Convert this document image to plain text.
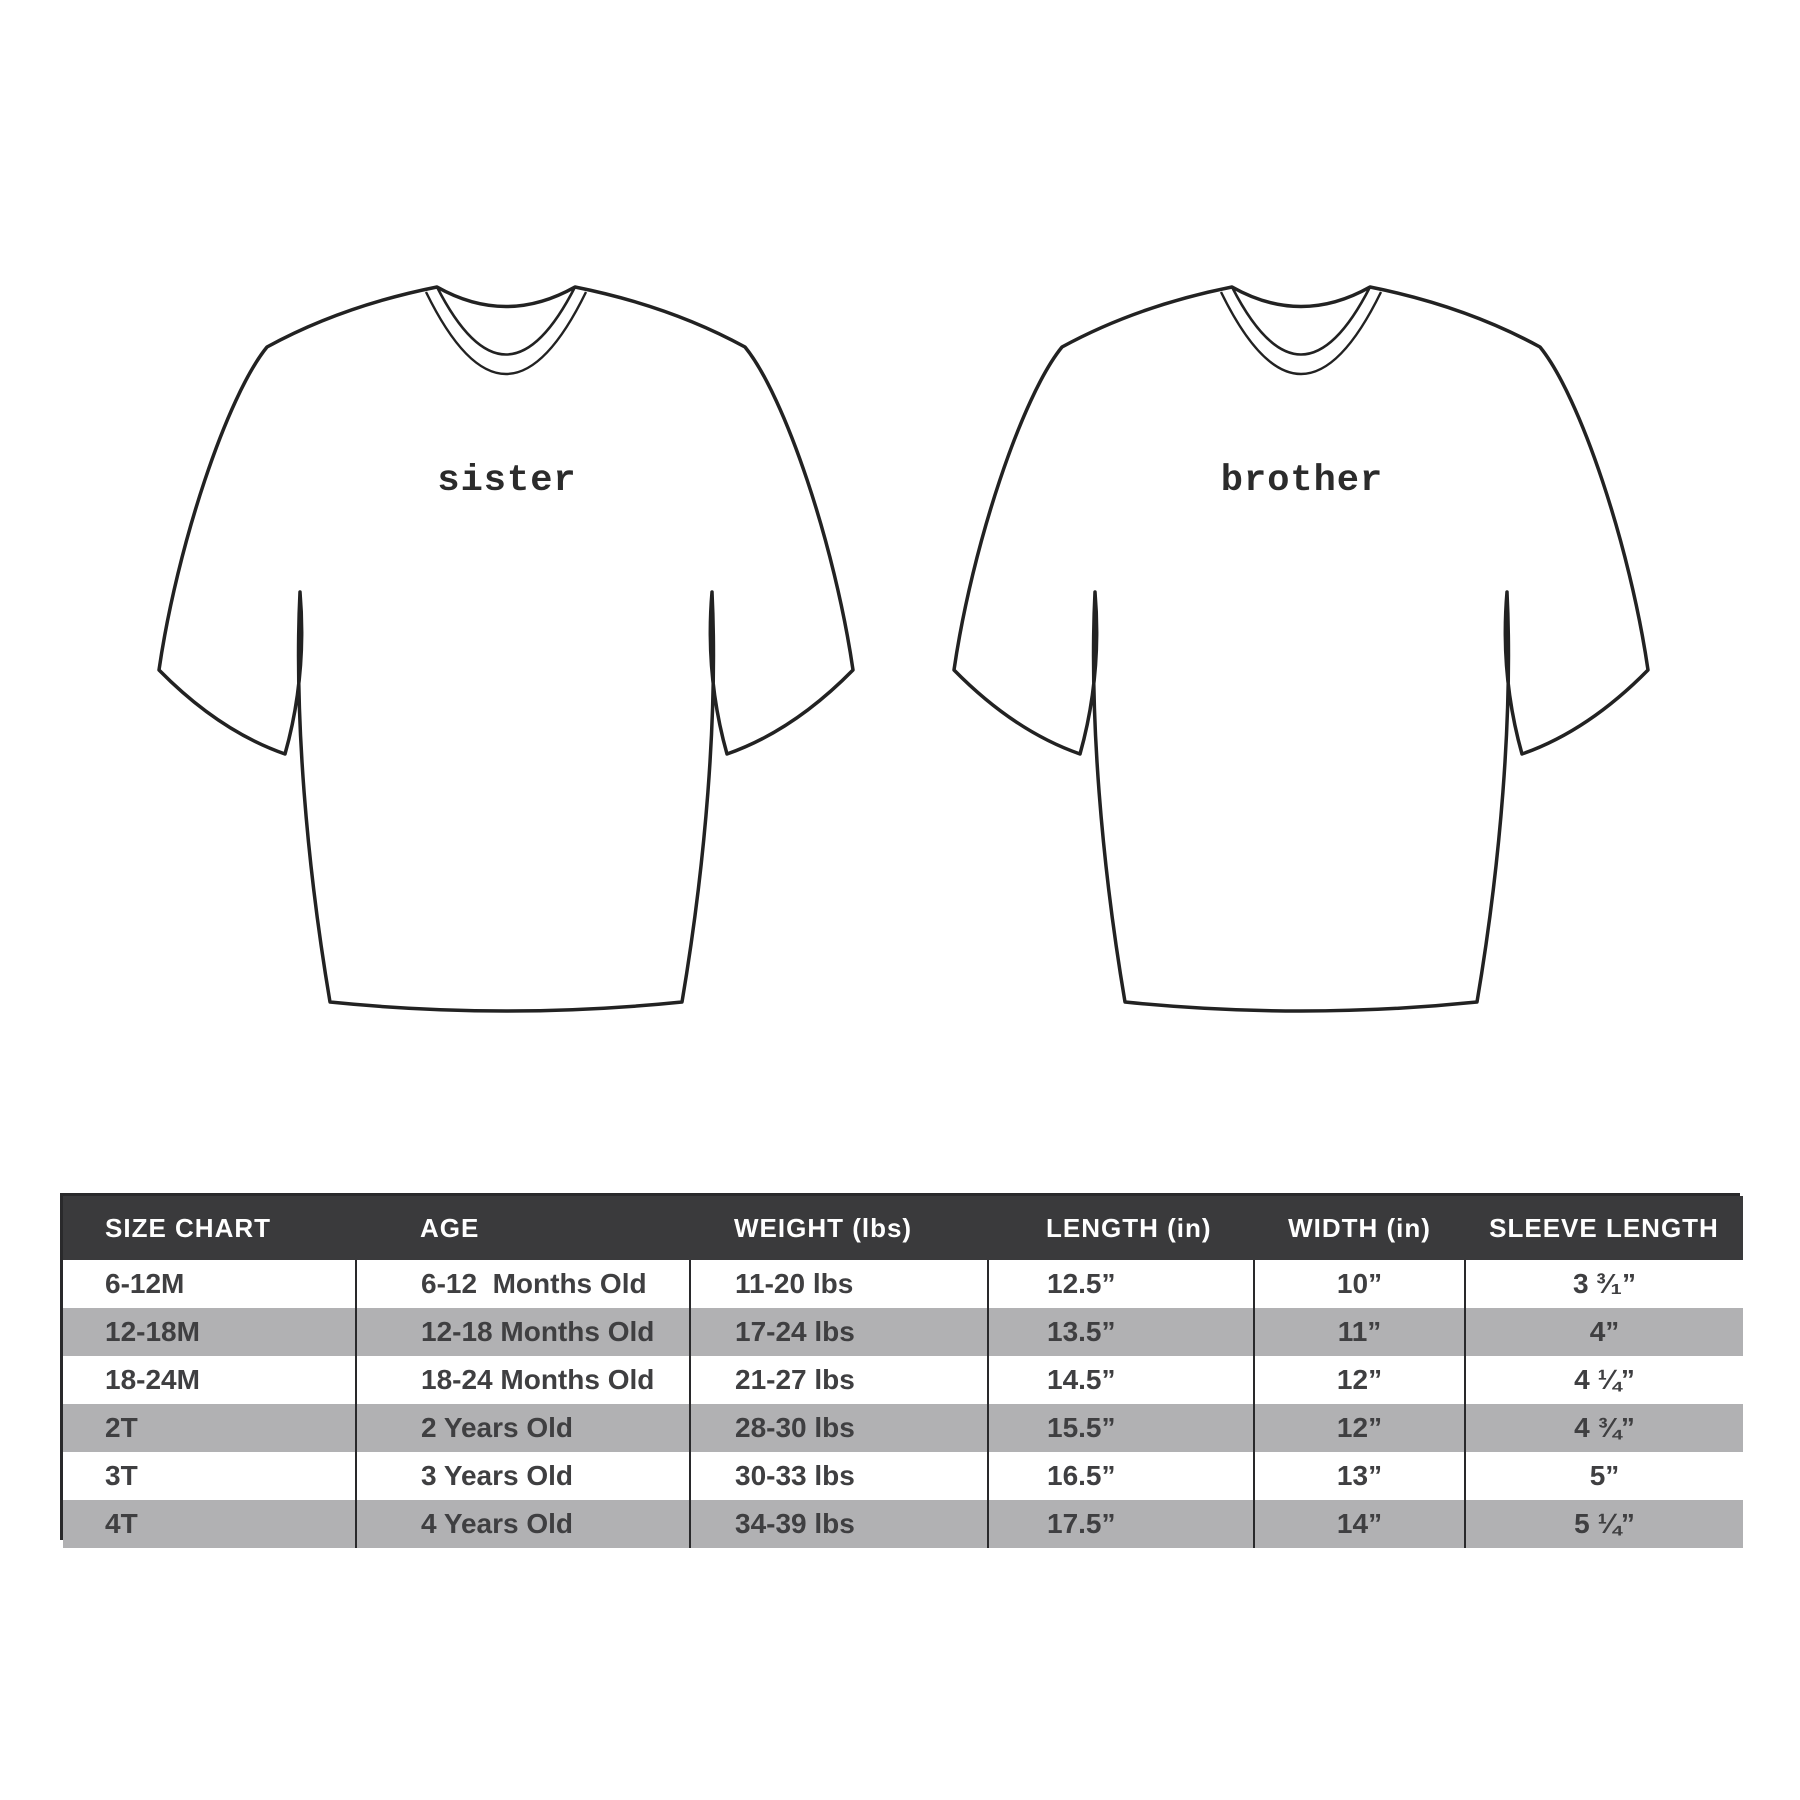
sister	brother
SIZE CHART	AGE	WEIGHT (lbs)	LENGTH (in)	WIDTH (in)	SLEEVE LENGTH
6-12M	6-12  Months Old	11-20 lbs	12.5”	10”	3 ³⁄₁”
12-18M	12-18 Months Old	17-24 lbs	13.5”	11”	4”
18-24M	18-24 Months Old	21-27 lbs	14.5”	12”	4 ¼”
2T	2 Years Old	28-30 lbs	15.5”	12”	4 ¾”
3T	3 Years Old	30-33 lbs	16.5”	13”	5”
4T	4 Years Old	34-39 lbs	17.5”	14”	5 ¼”
